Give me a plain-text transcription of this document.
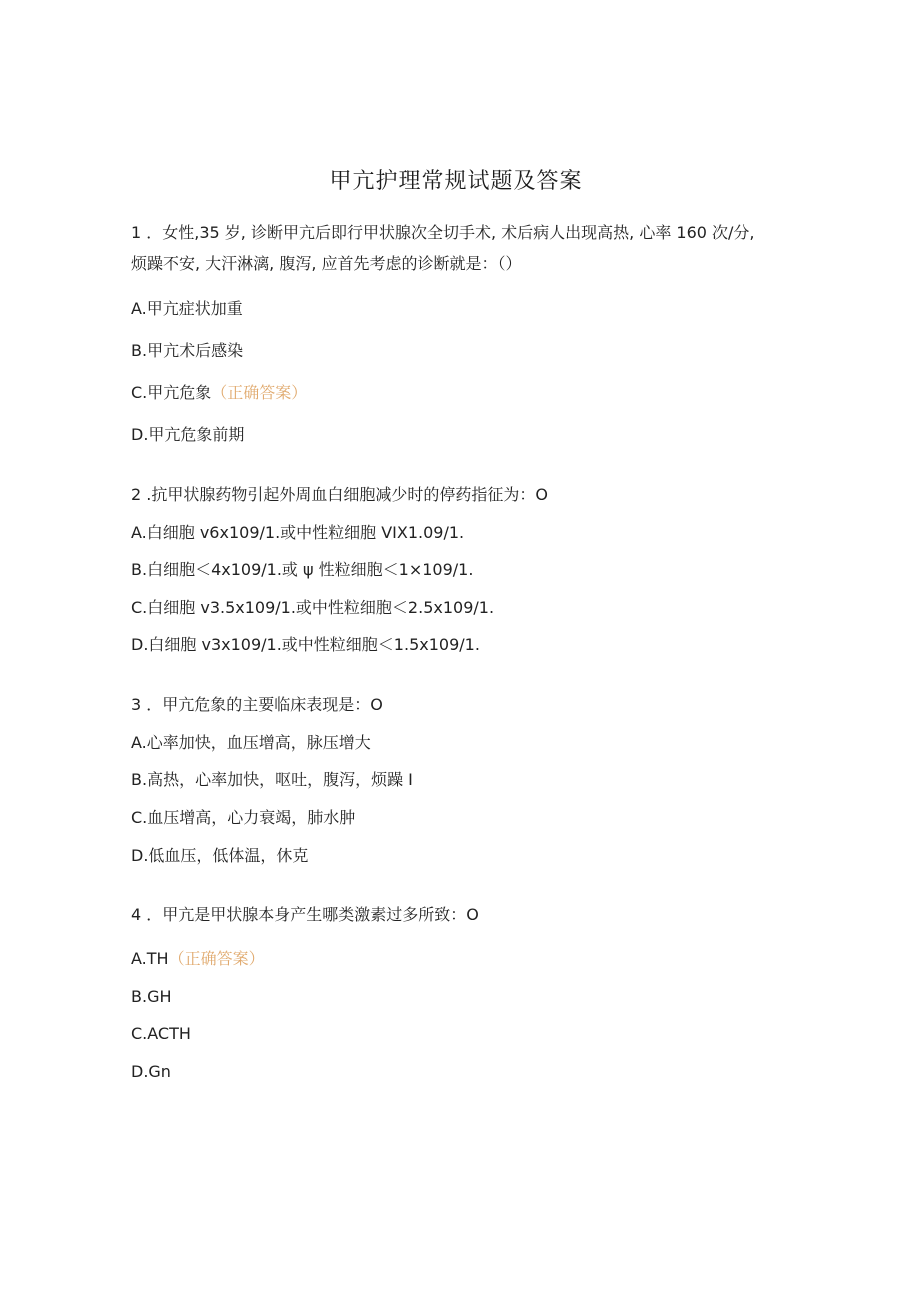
甲亢护理常规试题及答案
1 ．女性,35 岁, 诊断甲亢后即行甲状腺次全切手术, 术后病人出现高热, 心率 160 次/分,
烦躁不安, 大汗淋漓, 腹泻, 应首先考虑的诊断就是：（）
A.甲亢症状加重
B.甲亢术后感染
C.甲亢危象（正确答案）
D.甲亢危象前期
2 .抗甲状腺药物引起外周血白细胞减少时的停药指征为：O
A.白细胞 v6x109/1.或中性粒细胞 VIX1.09/1.
B.白细胞＜4x109/1.或 ψ 性粒细胞＜1×109/1.
C.白细胞 v3.5x109/1.或中性粒细胞＜2.5x109/1.
D.白细胞 v3x109/1.或中性粒细胞＜1.5x109/1.
3 ．甲亢危象的主要临床表现是：O
A.心率加快，血压增高，脉压增大
B.高热，心率加快，呕吐，腹泻，烦躁 I
C.血压增高，心力衰竭，肺水肿
D.低血压，低体温，休克
4 ．甲亢是甲状腺本身产生哪类激素过多所致：O
A.TH（正确答案）
B.GH
C.ACTH
D.Gn
